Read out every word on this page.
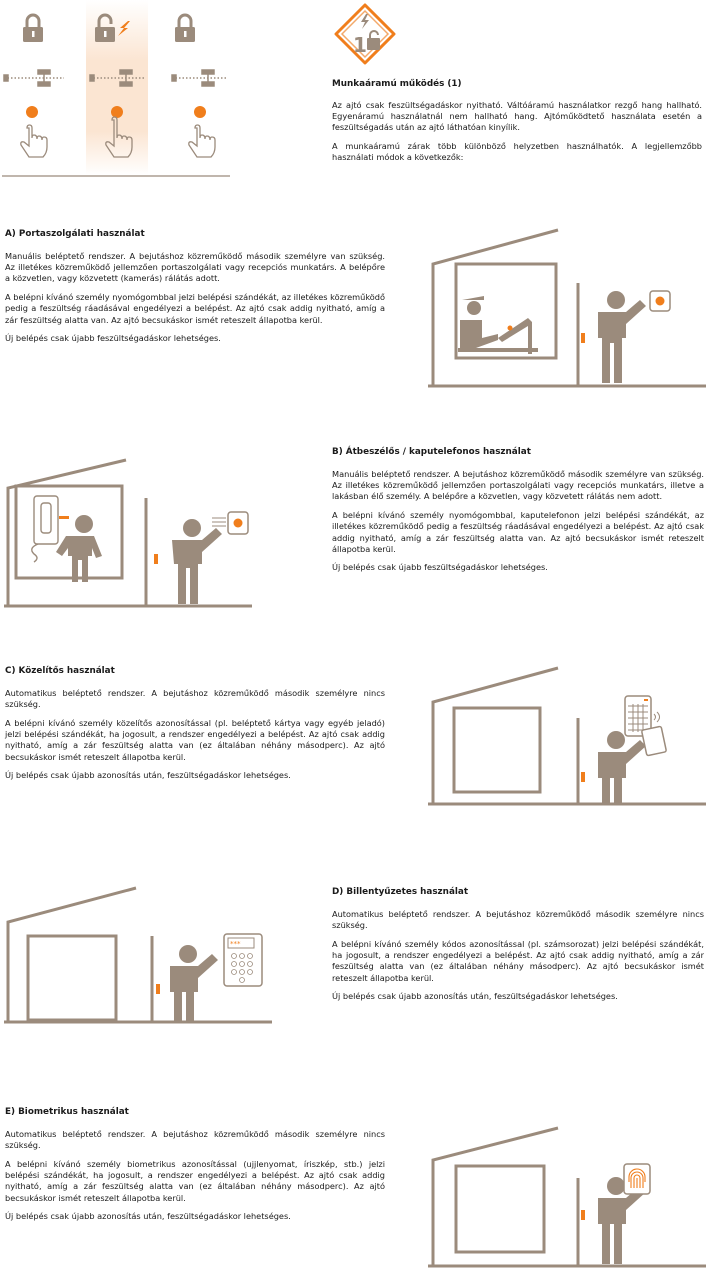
1
Munkaáramú működés (1)

Az ajtó csak feszültségadáskor nyitható. Váltóáramú használatkor rezgő hang hallható. Egyenáramú használatnál nem hallható hang. Ajtóműködtető használata esetén a feszültségadás után az ajtó láthatóan kinyílik.

A munkaáramú zárak több különböző helyzetben használhatók. A legjellemzőbb használati módok a következők:

A) Portaszolgálati használat

Manuális beléptető rendszer. A bejutáshoz közreműködő második személyre van szükség. Az illetékes közreműködő jellemzően portaszolgálati vagy recepciós munkatárs. A belépőre a közvetlen, vagy közvetett (kamerás) rálátás adott.

A belépni kívánó személy nyomógombbal jelzi belépési szándékát, az illetékes közreműködő pedig a feszültség ráadásával engedélyezi a belépést. Az ajtó csak addig nyitható, amíg a zár feszültség alatta van. Az ajtó becsukáskor ismét reteszelt állapotba kerül.

Új belépés csak újabb feszültségadáskor lehetséges.

B) Átbeszélős / kaputelefonos használat

Manuális beléptető rendszer. A bejutáshoz közreműködő második személyre van szükség. Az illetékes közreműködő jellemzően portaszolgálati vagy recepciós munkatárs, illetve a lakásban élő személy. A belépőre a közvetlen, vagy közvetett rálátás nem adott.

A belépni kívánó személy nyomógombbal, kaputelefonon jelzi belépési szándékát, az illetékes közreműködő pedig a feszültség ráadásával engedélyezi a belépést. Az ajtó csak addig nyitható, amíg a zár feszültség alatta van. Az ajtó becsukáskor ismét reteszelt állapotba kerül.

Új belépés csak újabb feszültségadáskor lehetséges.

C) Közelítős használat

Automatikus beléptető rendszer. A bejutáshoz közreműködő második személyre nincs szükség.

A belépni kívánó személy közelítős azonosítással (pl. beléptető kártya vagy egyéb jeladó) jelzi belépési szándékát, ha jogosult, a rendszer engedélyezi a belépést. Az ajtó csak addig nyitható, amíg a zár feszültség alatta van (ez általában néhány másodperc). Az ajtó becsukáskor ismét reteszelt állapotba kerül.

Új belépés csak újabb azonosítás után, feszültségadáskor lehetséges.

***
D) Billentyűzetes használat

Automatikus beléptető rendszer. A bejutáshoz közreműködő második személyre nincs szükség.

A belépni kívánó személy kódos azonosítással (pl. számsorozat) jelzi belépési szándékát, ha jogosult, a rendszer engedélyezi a belépést. Az ajtó csak addig nyitható, amíg a zár feszültség alatta van (ez általában néhány másodperc). Az ajtó becsukáskor ismét reteszelt állapotba kerül.

Új belépés csak újabb azonosítás után, feszültségadáskor lehetséges.

E) Biometrikus használat

Automatikus beléptető rendszer. A bejutáshoz közreműködő második személyre nincs szükség.

A belépni kívánó személy biometrikus azonosítással (ujjlenyomat, íriszkép, stb.) jelzi belépési szándékát, ha jogosult, a rendszer engedélyezi a belépést. Az ajtó csak addig nyitható, amíg a zár feszültség alatta van (ez általában néhány másodperc). Az ajtó becsukáskor ismét reteszelt állapotba kerül.

Új belépés csak újabb azonosítás után, feszültségadáskor lehetséges.
